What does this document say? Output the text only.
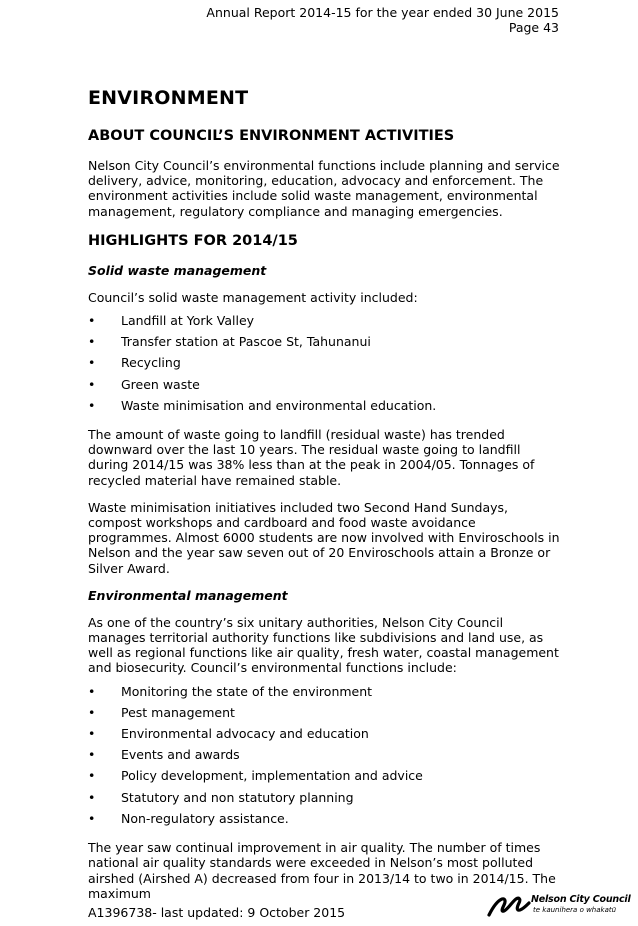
Annual Report 2014-15 for the year ended 30 June 2015
Page 43
ENVIRONMENT
ABOUT COUNCIL’S ENVIRONMENT ACTIVITIES

Nelson City Council’s environmental functions include planning and service delivery, advice, monitoring, education, advocacy and enforcement. The environment activities include solid waste management, environmental management, regulatory compliance and managing emergencies.

HIGHLIGHTS FOR 2014/15
Solid waste management

Council’s solid waste management activity included:

• Landfill at York Valley
• Transfer station at Pascoe St, Tahunanui
• Recycling
• Green waste
• Waste minimisation and environmental education.

The amount of waste going to landfill (residual waste) has trended downward over the last 10 years. The residual waste going to landfill during 2014/15 was 38% less than at the peak in 2004/05. Tonnages of recycled material have remained stable.

Waste minimisation initiatives included two Second Hand Sundays, compost workshops and cardboard and food waste avoidance programmes. Almost 6000 students are now involved with Enviroschools in Nelson and the year saw seven out of 20 Enviroschools attain a Bronze or Silver Award.

Environmental management

As one of the country’s six unitary authorities, Nelson City Council manages territorial authority functions like subdivisions and land use, as well as regional functions like air quality, fresh water, coastal management and biosecurity. Council’s environmental functions include:

• Monitoring the state of the environment
• Pest management
• Environmental advocacy and education
• Events and awards
• Policy development, implementation and advice
• Statutory and non statutory planning
• Non-regulatory assistance.

The year saw continual improvement in air quality. The number of times national air quality standards were exceeded in Nelson’s most polluted airshed (Airshed A) decreased from four in 2013/14 to two in 2014/15. The maximum

A1396738- last updated: 9 October 2015
Nelson City Council
te kaunihera o whakatū
